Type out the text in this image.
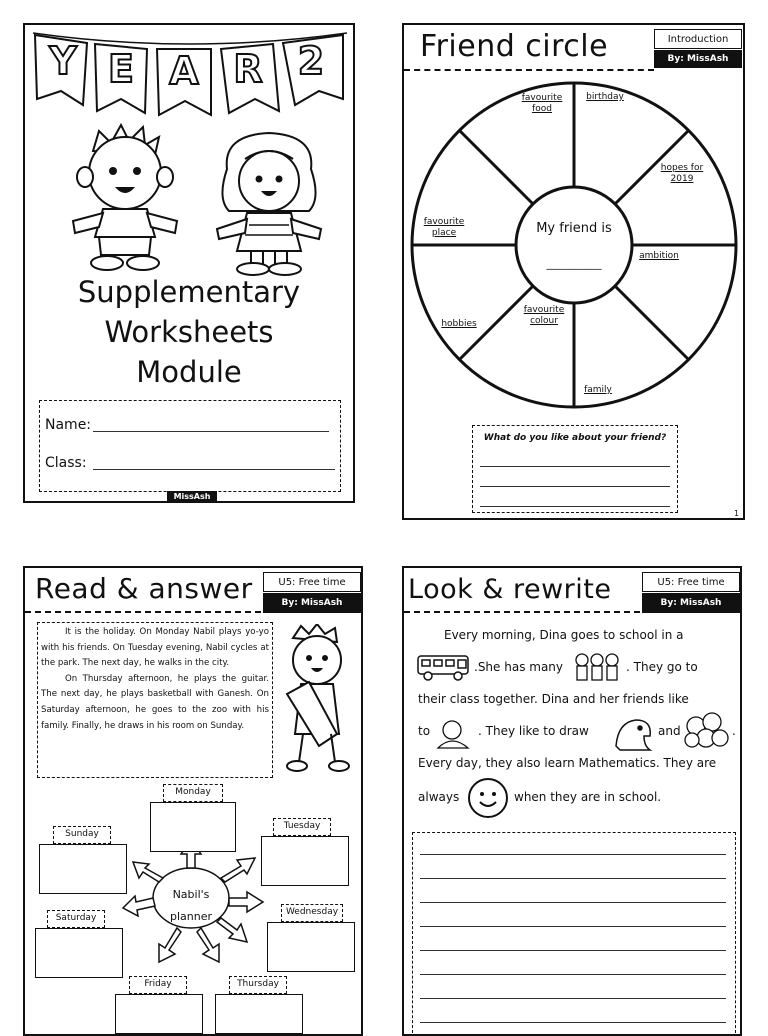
Y E A R 2
Supplementary
Worksheets
Module
Name:
Class:
MissAsh
Friend circle	Introduction
By: MissAsh
My friend is
__________
favourite
food
birthday
hopes for
2019
ambition
family
favourite
colour
hobbies
favourite
place
What do you like about your friend?
1
Read & answer	U5: Free time
By: MissAsh
It is the holiday. On Monday Nabil plays yo-yo with his friends. On Tuesday evening, Nabil cycles at the park. The next day, he walks in the city.
On Thursday afternoon, he plays the guitar. The next day, he plays basketball with Ganesh. On Saturday afternoon, he goes to the zoo with his family. Finally, he draws in his room on Sunday.
Nabil's
planner
Monday
Tuesday
Sunday
Saturday
Wednesday
Friday	Thursday
Look & rewrite	U5: Free time
By: MissAsh
Every morning, Dina goes to school in a
.She has many	. They go to
their class together. Dina and her friends like
to	. They like to draw	and	.
Every day, they also learn Mathematics. They are
always	when they are in school.
